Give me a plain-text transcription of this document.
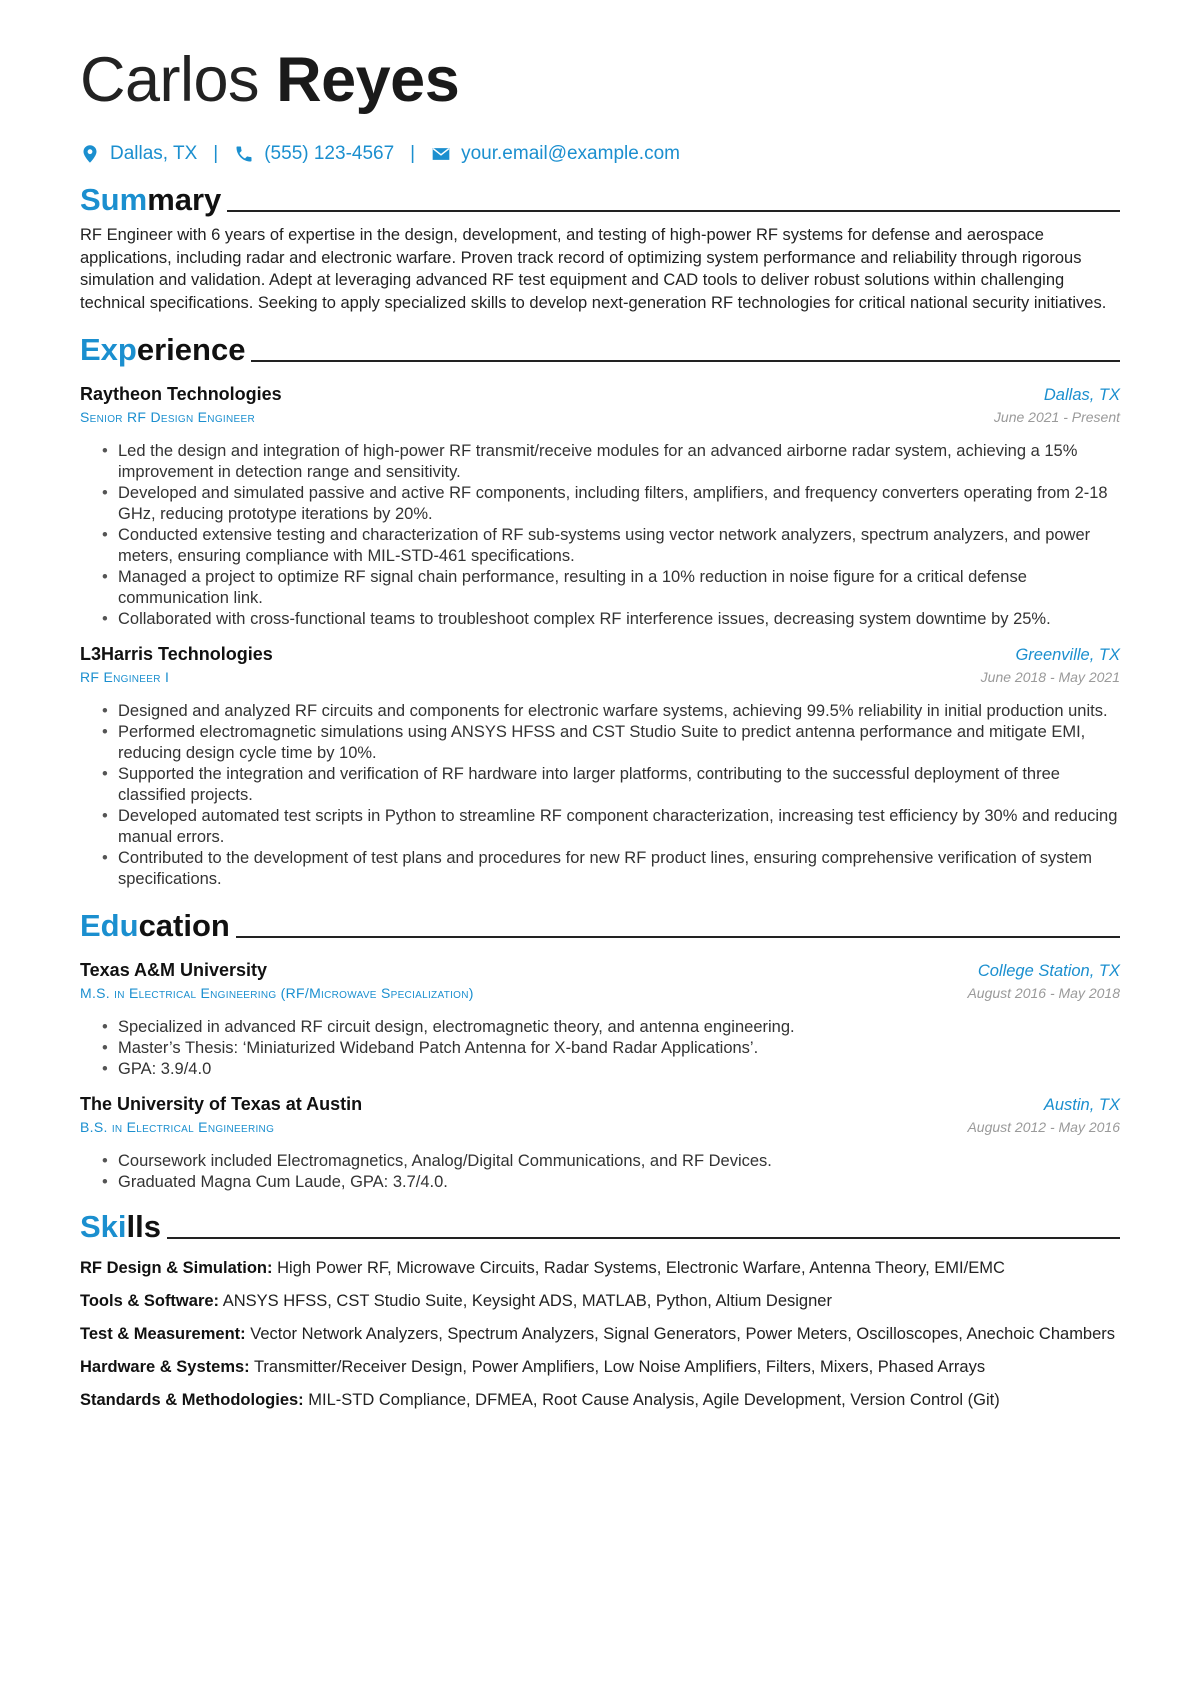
Carlos Reyes
Dallas, TX | (555) 123-4567 | your.email@example.com
Summary
RF Engineer with 6 years of expertise in the design, development, and testing of high-power RF systems for defense and aerospace applications, including radar and electronic warfare. Proven track record of optimizing system performance and reliability through rigorous simulation and validation. Adept at leveraging advanced RF test equipment and CAD tools to deliver robust solutions within challenging technical specifications. Seeking to apply specialized skills to develop next-generation RF technologies for critical national security initiatives.
Experience
Raytheon Technologies	Dallas, TX
Senior RF Design Engineer	June 2021 - Present
• Led the design and integration of high-power RF transmit/receive modules for an advanced airborne radar system, achieving a 15% improvement in detection range and sensitivity.
• Developed and simulated passive and active RF components, including filters, amplifiers, and frequency converters operating from 2-18 GHz, reducing prototype iterations by 20%.
• Conducted extensive testing and characterization of RF sub-systems using vector network analyzers, spectrum analyzers, and power meters, ensuring compliance with MIL-STD-461 specifications.
• Managed a project to optimize RF signal chain performance, resulting in a 10% reduction in noise figure for a critical defense communication link.
• Collaborated with cross-functional teams to troubleshoot complex RF interference issues, decreasing system downtime by 25%.
L3Harris Technologies	Greenville, TX
RF Engineer I	June 2018 - May 2021
• Designed and analyzed RF circuits and components for electronic warfare systems, achieving 99.5% reliability in initial production units.
• Performed electromagnetic simulations using ANSYS HFSS and CST Studio Suite to predict antenna performance and mitigate EMI, reducing design cycle time by 10%.
• Supported the integration and verification of RF hardware into larger platforms, contributing to the successful deployment of three classified projects.
• Developed automated test scripts in Python to streamline RF component characterization, increasing test efficiency by 30% and reducing manual errors.
• Contributed to the development of test plans and procedures for new RF product lines, ensuring comprehensive verification of system specifications.
Education
Texas A&M University	College Station, TX
M.S. in Electrical Engineering (RF/Microwave Specialization)	August 2016 - May 2018
• Specialized in advanced RF circuit design, electromagnetic theory, and antenna engineering.
• Master’s Thesis: ‘Miniaturized Wideband Patch Antenna for X-band Radar Applications’.
• GPA: 3.9/4.0
The University of Texas at Austin	Austin, TX
B.S. in Electrical Engineering	August 2012 - May 2016
• Coursework included Electromagnetics, Analog/Digital Communications, and RF Devices.
• Graduated Magna Cum Laude, GPA: 3.7/4.0.
Skills
RF Design & Simulation: High Power RF, Microwave Circuits, Radar Systems, Electronic Warfare, Antenna Theory, EMI/EMC
Tools & Software: ANSYS HFSS, CST Studio Suite, Keysight ADS, MATLAB, Python, Altium Designer
Test & Measurement: Vector Network Analyzers, Spectrum Analyzers, Signal Generators, Power Meters, Oscilloscopes, Anechoic Chambers
Hardware & Systems: Transmitter/Receiver Design, Power Amplifiers, Low Noise Amplifiers, Filters, Mixers, Phased Arrays
Standards & Methodologies: MIL-STD Compliance, DFMEA, Root Cause Analysis, Agile Development, Version Control (Git)
